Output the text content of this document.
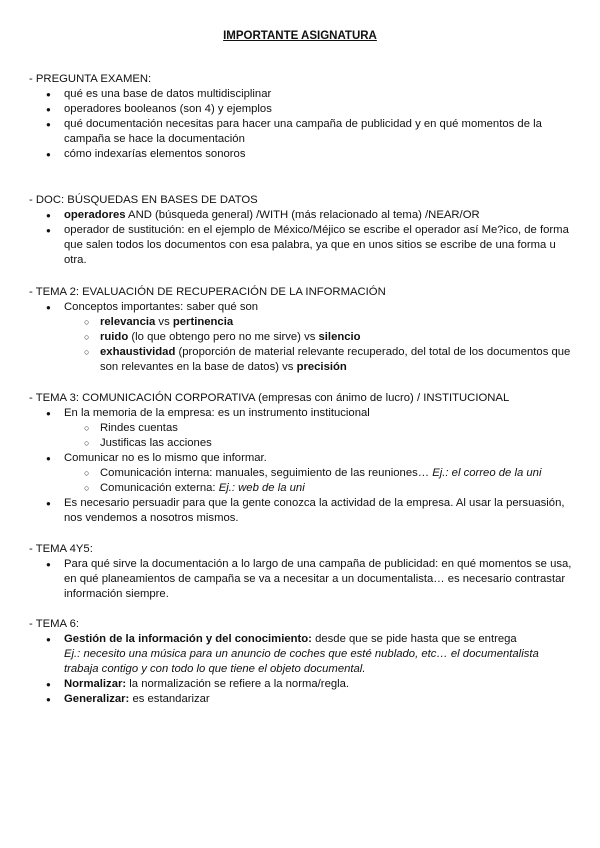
IMPORTANTE ASIGNATURA

- PREGUNTA EXAMEN:

● qué es una base de datos multidisciplinar
● operadores booleanos (son 4) y ejemplos
● qué documentación necesitas para hacer una campaña de publicidad y en qué momentos de la campaña se hace la documentación
● cómo indexarías elementos sonoros

- DOC: BÚSQUEDAS EN BASES DE DATOS

● operadores AND (búsqueda general) /WITH (más relacionado al tema) /NEAR/OR
● operador de sustitución: en el ejemplo de México/Méjico se escribe el operador así Me?ico, de forma que salen todos los documentos con esa palabra, ya que en unos sitios se escribe de una forma u otra.

- TEMA 2: EVALUACIÓN DE RECUPERACIÓN DE LA INFORMACIÓN

● Conceptos importantes: saber qué son
○ relevancia vs pertinencia
○ ruido (lo que obtengo pero no me sirve) vs silencio
○ exhaustividad (proporción de material relevante recuperado, del total de los documentos que son relevantes en la base de datos) vs precisión

- TEMA 3: COMUNICACIÓN CORPORATIVA (empresas con ánimo de lucro) / INSTITUCIONAL

● En la memoria de la empresa: es un instrumento institucional
○ Rindes cuentas
○ Justificas las acciones
● Comunicar no es lo mismo que informar.
○ Comunicación interna: manuales, seguimiento de las reuniones… Ej.: el correo de la uni
○ Comunicación externa: Ej.: web de la uni
● Es necesario persuadir para que la gente conozca la actividad de la empresa. Al usar la persuasión, nos vendemos a nosotros mismos.

- TEMA 4Y5:

● Para qué sirve la documentación a lo largo de una campaña de publicidad: en qué momentos se usa, en qué planeamientos de campaña se va a necesitar a un documentalista… es necesario contrastar información siempre.

- TEMA 6:

● Gestión de la información y del conocimiento: desde que se pide hasta que se entrega
Ej.: necesito una música para un anuncio de coches que esté nublado, etc… el documentalista trabaja contigo y con todo lo que tiene el objeto documental.
● Normalizar: la normalización se refiere a la norma/regla.
● Generalizar: es estandarizar
